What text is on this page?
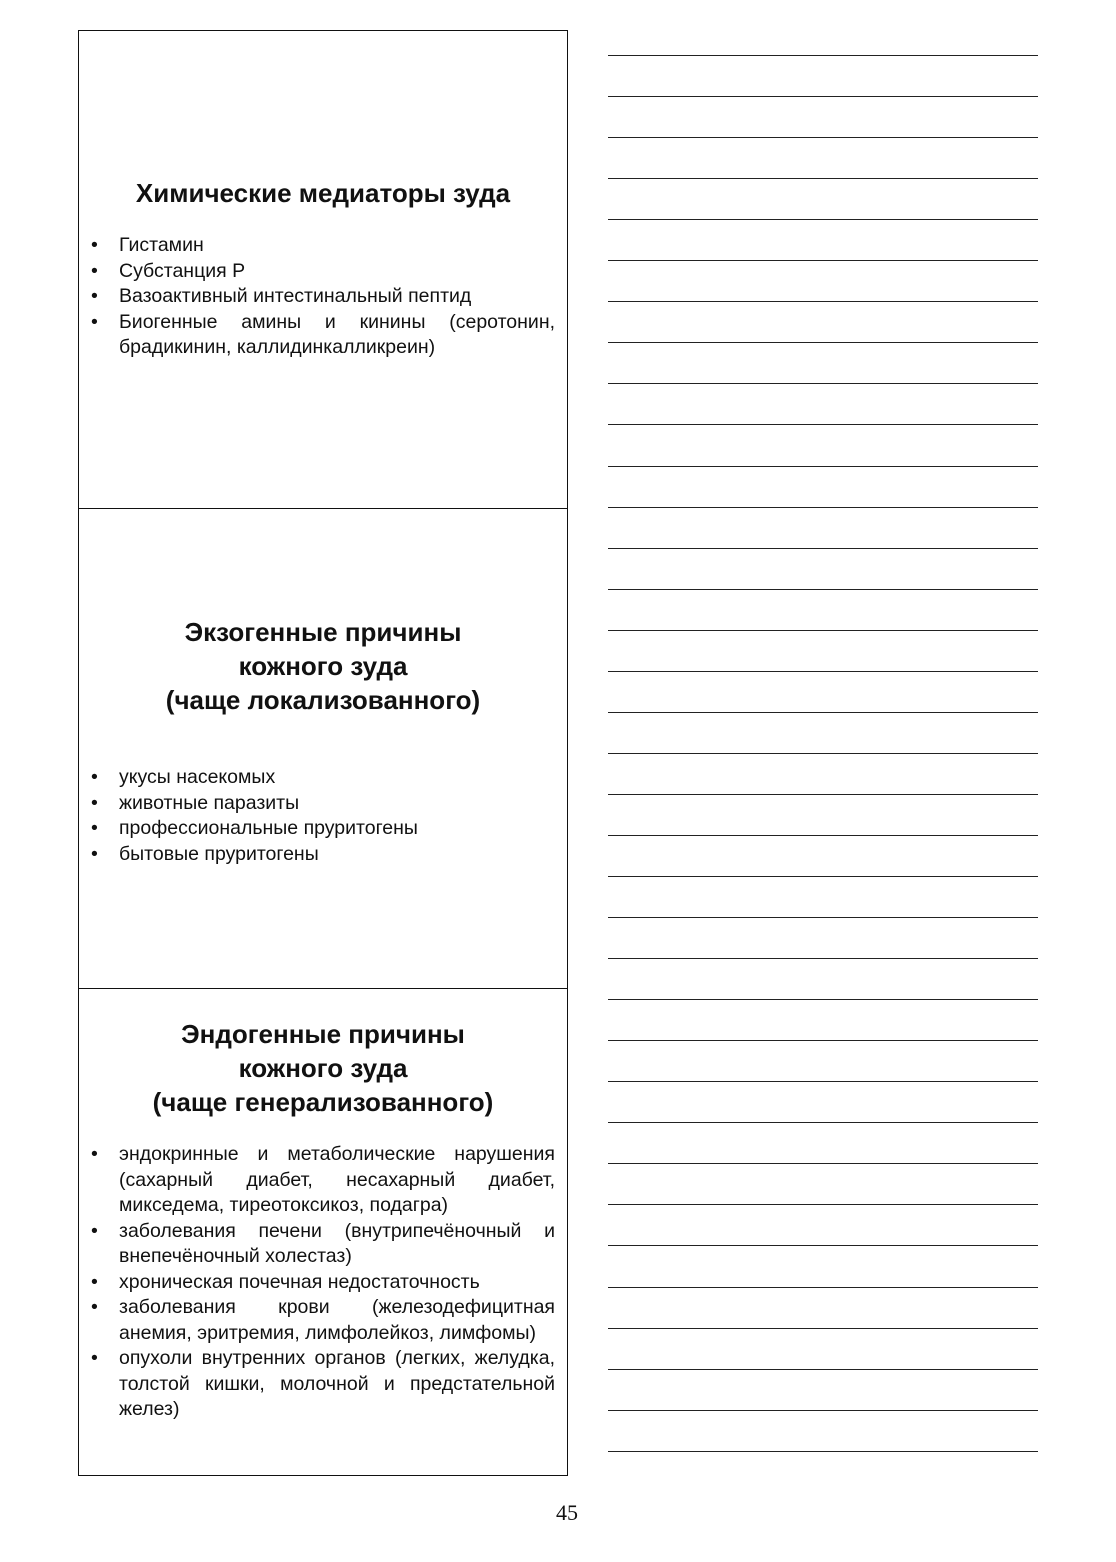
Химические медиаторы зуда
• Гистамин
• Субстанция Р
• Вазоактивный интестинальный пептид
• Биогенные амины и кинины (серотонин, брадикинин, каллидинкалликреин)
Экзогенные причины
кожного зуда
(чаще локализованного)
• укусы насекомых
• животные паразиты
• профессиональные пруритогены
• бытовые пруритогены
Эндогенные причины
кожного зуда
(чаще генерализованного)
• эндокринные и метаболические нарушения (сахарный диабет, несахарный диабет, микседема, тиреотоксикоз, подагра)
• заболевания печени (внутрипечёночный и внепечёночный холестаз)
• хроническая почечная недостаточность
• заболевания крови (железодефицитная анемия, эритремия, лимфолейкоз, лимфомы)
• опухоли внутренних органов (легких, желудка, толстой кишки, молочной и предстательной желез)
45
